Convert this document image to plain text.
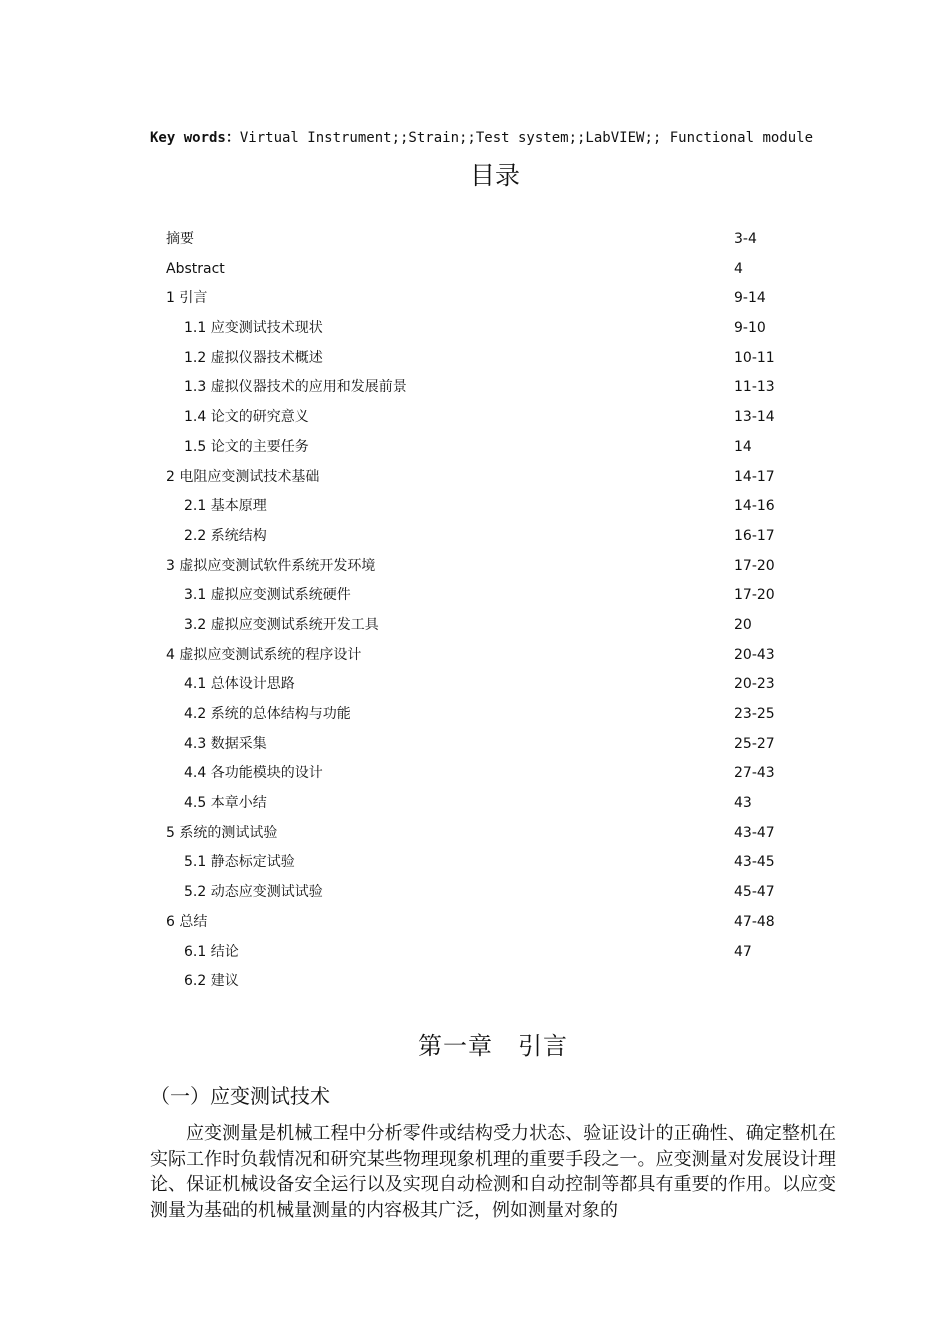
Key words：Virtual Instrument;;Strain;;Test system;;LabVIEW;; Functional module
目录
摘要	3-4
Abstract	4
1 引言	9-14
1.1 应变测试技术现状	9-10
1.2 虚拟仪器技术概述	10-11
1.3 虚拟仪器技术的应用和发展前景	11-13
1.4 论文的研究意义	13-14
1.5 论文的主要任务	14
2 电阻应变测试技术基础	14-17
2.1 基本原理	14-16
2.2 系统结构	16-17
3 虚拟应变测试软件系统开发环境	17-20
3.1 虚拟应变测试系统硬件	17-20
3.2 虚拟应变测试系统开发工具	20
4 虚拟应变测试系统的程序设计	20-43
4.1 总体设计思路	20-23
4.2 系统的总体结构与功能	23-25
4.3 数据采集	25-27
4.4 各功能模块的设计	27-43
4.5 本章小结	43
5 系统的测试试验	43-47
5.1 静态标定试验	43-45
5.2 动态应变测试试验	45-47
6 总结	47-48
6.1 结论	47
6.2 建议
第一章　引言
（一）应变测试技术

应变测量是机械工程中分析零件或结构受力状态、验证设计的正确性、确定整机在实际工作时负载情况和研究某些物理现象机理的重要手段之一。应变测量对发展设计理论、保证机械设备安全运行以及实现自动检测和自动控制等都具有重要的作用。以应变测量为基础的机械量测量的内容极其广泛，例如测量对象的
